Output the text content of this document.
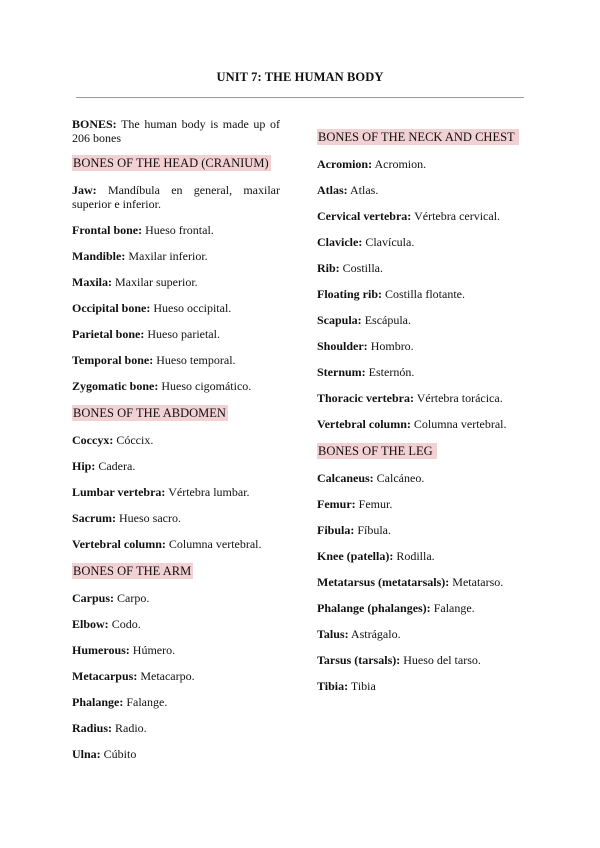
UNIT 7: THE HUMAN BODY
BONES: The human body is made up of 206 bones
BONES OF THE HEAD (CRANIUM)
Jaw: Mandíbula en general, maxilar superior e inferior.
Frontal bone: Hueso frontal.
Mandible: Maxilar inferior.
Maxila: Maxilar superior.
Occipital bone: Hueso occipital.
Parietal bone: Hueso parietal.
Temporal bone: Hueso temporal.
Zygomatic bone: Hueso cigomático.
BONES OF THE ABDOMEN
Coccyx: Cóccix.
Hip: Cadera.
Lumbar vertebra: Vértebra lumbar.
Sacrum: Hueso sacro.
Vertebral column: Columna vertebral.
BONES OF THE ARM
Carpus: Carpo.
Elbow: Codo.
Humerous: Húmero.
Metacarpus: Metacarpo.
Phalange: Falange.
Radius: Radio.
Ulna: Cúbito
BONES OF THE NECK AND CHEST
Acromion: Acromion.
Atlas: Atlas.
Cervical vertebra: Vértebra cervical.
Clavicle: Clavícula.
Rib: Costilla.
Floating rib: Costilla flotante.
Scapula: Escápula.
Shoulder: Hombro.
Sternum: Esternón.
Thoracic vertebra: Vértebra torácica.
Vertebral column: Columna vertebral.
BONES OF THE LEG
Calcaneus: Calcáneo.
Femur: Femur.
Fibula: Fíbula.
Knee (patella): Rodilla.
Metatarsus (metatarsals): Metatarso.
Phalange (phalanges): Falange.
Talus: Astrágalo.
Tarsus (tarsals): Hueso del tarso.
Tibia: Tibia
